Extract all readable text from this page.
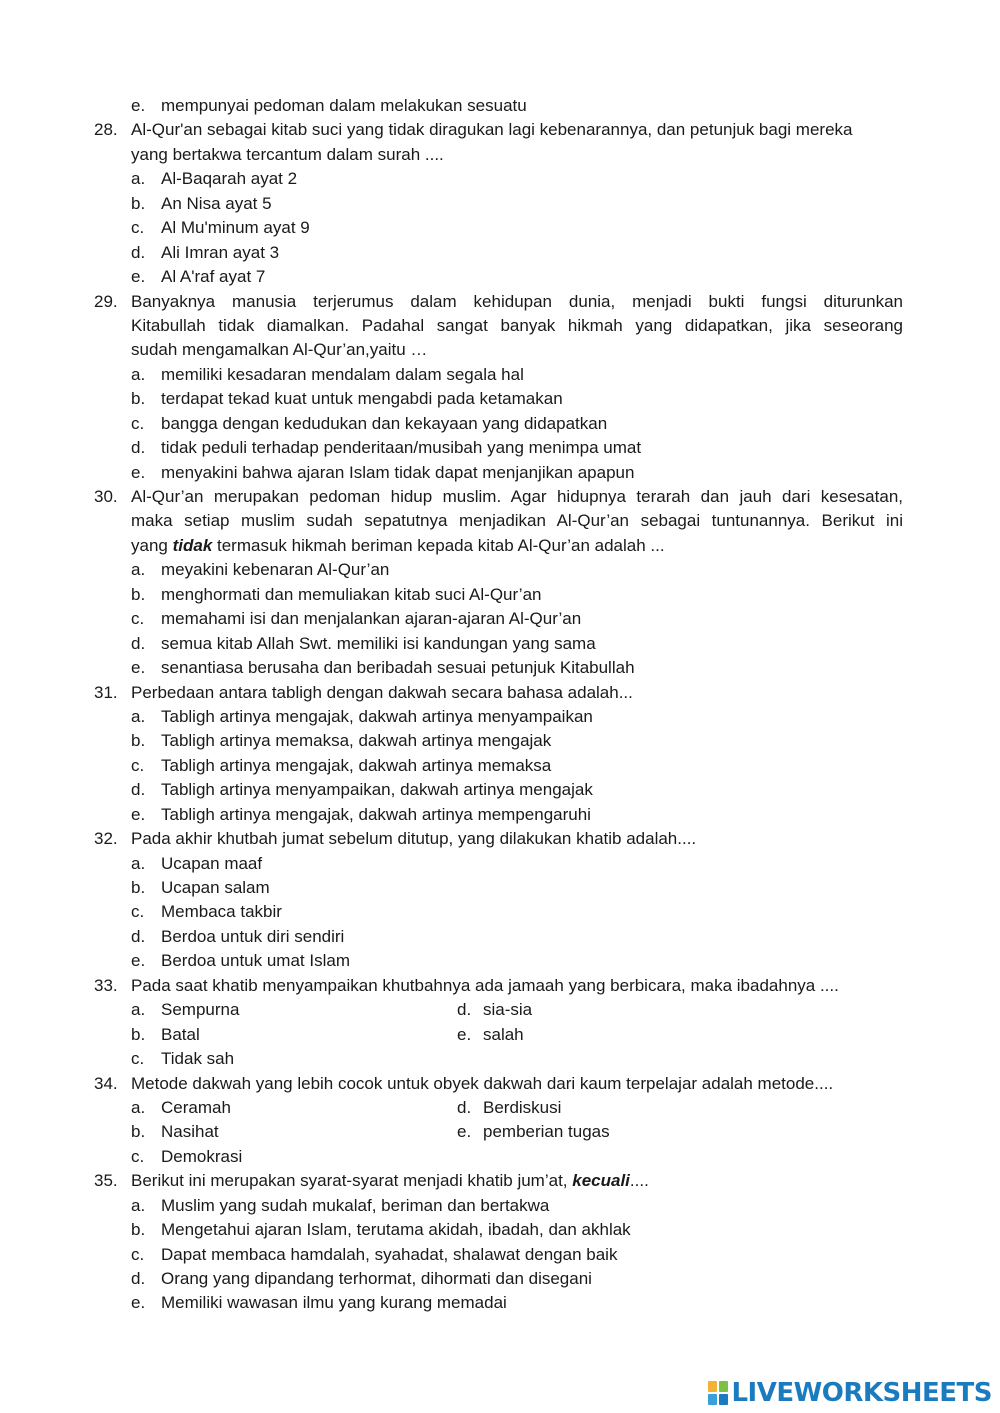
e. mempunyai pedoman dalam melakukan sesuatu
28. Al-Qur'an sebagai kitab suci yang tidak diragukan lagi kebenarannya, dan petunjuk bagi mereka
yang bertakwa tercantum dalam surah ....
a. Al-Baqarah ayat 2
b. An Nisa ayat 5
c. Al Mu'minum ayat 9
d. Ali Imran ayat 3
e. Al A'raf ayat 7
29. Banyaknya manusia terjerumus dalam kehidupan dunia, menjadi bukti fungsi diturunkan
Kitabullah tidak diamalkan. Padahal sangat banyak hikmah yang didapatkan, jika seseorang
sudah mengamalkan Al-Qur’an,yaitu …
a. memiliki kesadaran mendalam dalam segala hal
b. terdapat tekad kuat untuk mengabdi pada ketamakan
c. bangga dengan kedudukan dan kekayaan yang didapatkan
d. tidak peduli terhadap penderitaan/musibah yang menimpa umat
e. menyakini bahwa ajaran Islam tidak dapat menjanjikan apapun
30. Al-Qur’an merupakan pedoman hidup muslim. Agar hidupnya terarah dan jauh dari kesesatan,
maka setiap muslim sudah sepatutnya menjadikan Al-Qur’an sebagai tuntunannya. Berikut ini
yang tidak termasuk hikmah beriman kepada kitab Al-Qur’an adalah ...
a. meyakini kebenaran Al-Qur’an
b. menghormati dan memuliakan kitab suci Al-Qur’an
c. memahami isi dan menjalankan ajaran-ajaran Al-Qur’an
d. semua kitab Allah Swt. memiliki isi kandungan yang sama
e. senantiasa berusaha dan beribadah sesuai petunjuk Kitabullah
31. Perbedaan antara tabligh dengan dakwah secara bahasa adalah...
a. Tabligh artinya mengajak, dakwah artinya menyampaikan
b. Tabligh artinya memaksa, dakwah artinya mengajak
c. Tabligh artinya mengajak, dakwah artinya memaksa
d. Tabligh artinya menyampaikan, dakwah artinya mengajak
e. Tabligh artinya mengajak, dakwah artinya mempengaruhi
32. Pada akhir khutbah jumat sebelum ditutup, yang dilakukan khatib adalah....
a. Ucapan maaf
b. Ucapan salam
c. Membaca takbir
d. Berdoa untuk diri sendiri
e. Berdoa untuk umat Islam
33. Pada saat khatib menyampaikan khutbahnya ada jamaah yang berbicara, maka ibadahnya ....
a. Sempurna	d. sia-sia
b. Batal	e. salah
c. Tidak sah
34. Metode dakwah yang lebih cocok untuk obyek dakwah dari kaum terpelajar adalah metode....
a. Ceramah	d. Berdiskusi
b. Nasihat	e. pemberian tugas
c. Demokrasi
35. Berikut ini merupakan syarat-syarat menjadi khatib jum’at, kecuali....
a. Muslim yang sudah mukalaf, beriman dan bertakwa
b. Mengetahui ajaran Islam, terutama akidah, ibadah, dan akhlak
c. Dapat membaca hamdalah, syahadat, shalawat dengan baik
d. Orang yang dipandang terhormat, dihormati dan disegani
e. Memiliki wawasan ilmu yang kurang memadai
LIVEWORKSHEETS
